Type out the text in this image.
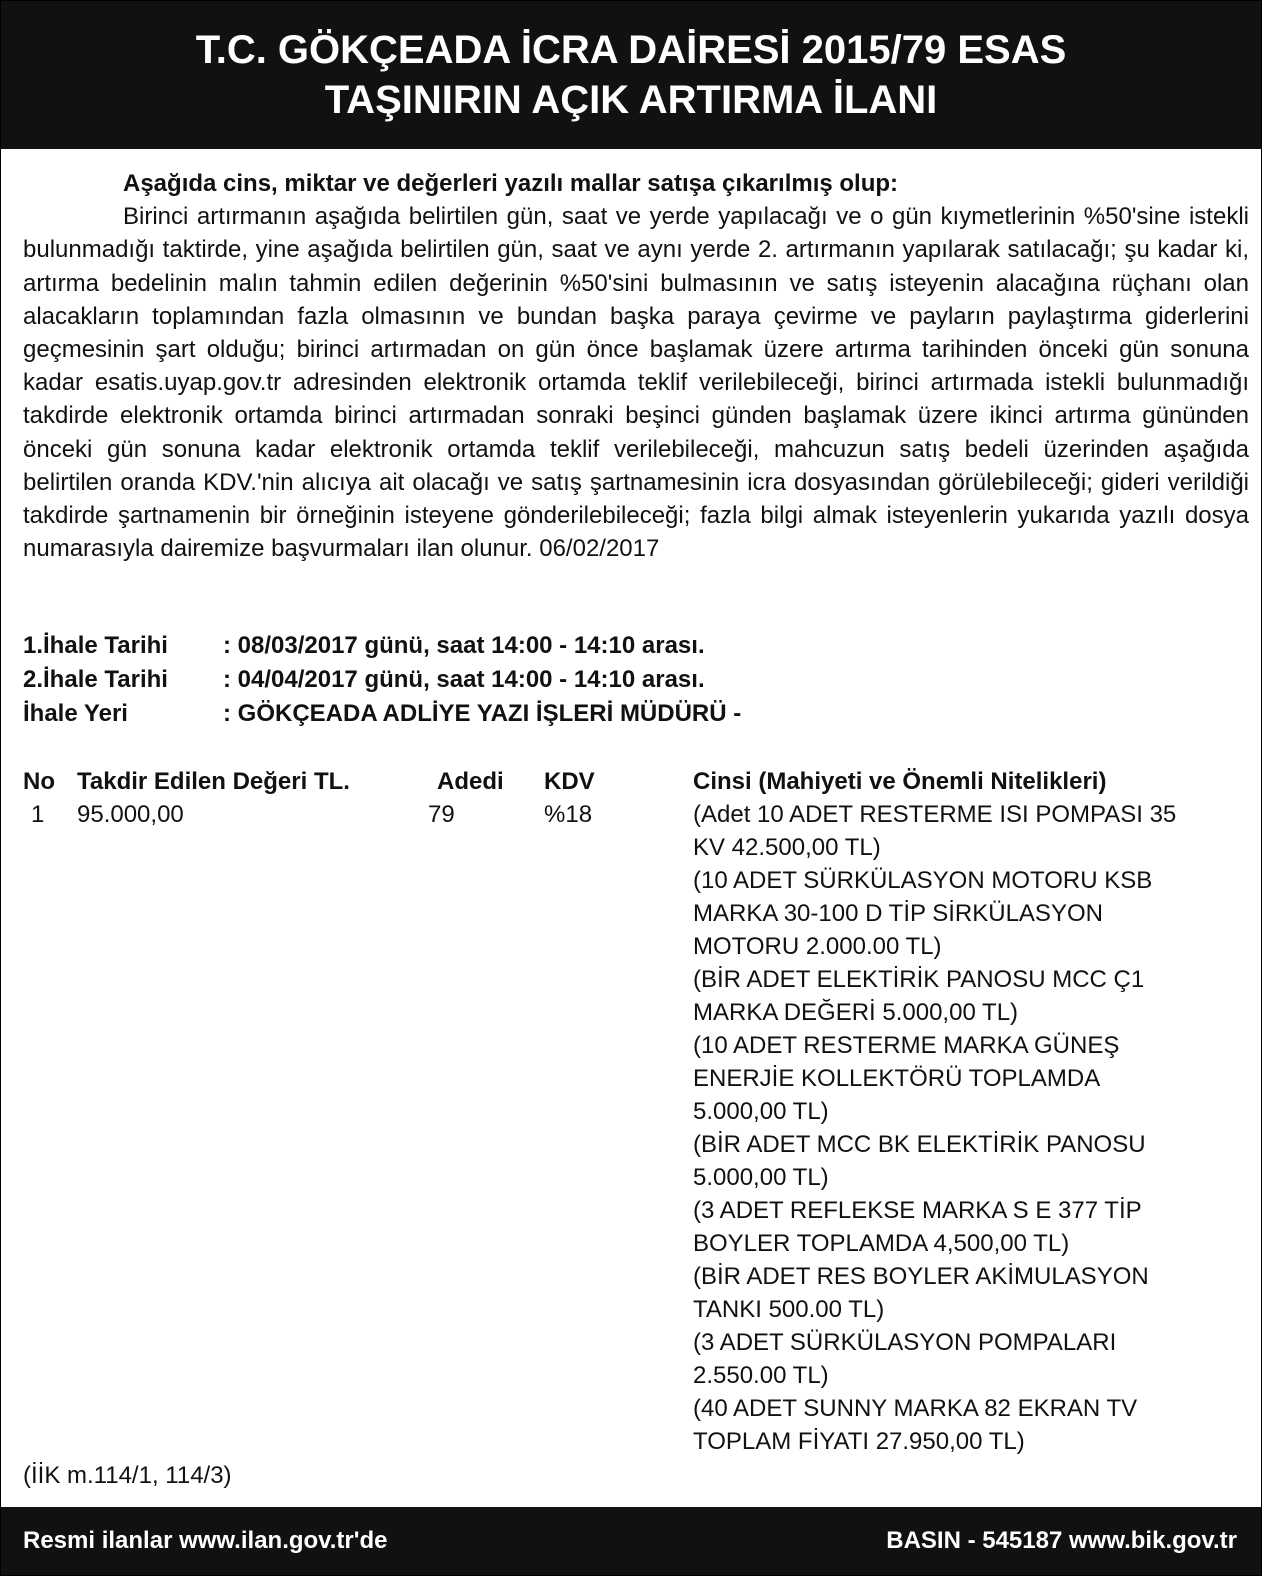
T.C. GÖKÇEADA İCRA DAİRESİ 2015/79 ESAS
TAŞINIRIN AÇIK ARTIRMA İLANI
Aşağıda cins, miktar ve değerleri yazılı mallar satışa çıkarılmış olup:
Birinci artırmanın aşağıda belirtilen gün, saat ve yerde yapılacağı ve o gün kıymetlerinin %50'sine istekli bulunmadığı taktirde, yine aşağıda belirtilen gün, saat ve aynı yerde 2. artırmanın yapılarak satılacağı; şu kadar ki, artırma bedelinin malın tahmin edilen değerinin %50'sini bulmasının ve satış isteyenin alacağına rüçhanı olan alacakların toplamından fazla olmasının ve bundan başka paraya çevirme ve payların paylaştırma giderlerini geçmesinin şart olduğu; birinci artırmadan on gün önce başlamak üzere artırma tarihinden önceki gün sonuna kadar esatis.uyap.gov.tr adresinden elektronik ortamda teklif verilebileceği, birinci artırmada istekli bulunmadığı takdirde elektronik ortamda birinci artırmadan sonraki beşinci günden başlamak üzere ikinci artırma gününden önceki gün sonuna kadar elektronik ortamda teklif verilebileceği, mahcuzun satış bedeli üzerinden aşağıda belirtilen oranda KDV.'nin alıcıya ait olacağı ve satış şartnamesinin icra dosyasından görülebileceği; gideri verildiği takdirde şartnamenin bir örneğinin isteyene gönderilebileceği; fazla bilgi almak isteyenlerin yukarıda yazılı dosya numarasıyla dairemize başvurmaları ilan olunur. 06/02/2017
1.İhale Tarihi	: 08/03/2017 günü, saat 14:00 - 14:10 arası.
2.İhale Tarihi	: 04/04/2017 günü, saat 14:00 - 14:10 arası.
İhale Yeri	: GÖKÇEADA ADLİYE YAZI İŞLERİ MÜDÜRÜ -
No Takdir Edilen Değeri TL.	Adedi KDV	Cinsi (Mahiyeti ve Önemli Nitelikleri)
1 95.000,00	79	%18	(Adet 10 ADET RESTERME ISI POMPASI 35
KV 42.500,00 TL)
(10 ADET SÜRKÜLASYON MOTORU KSB
MARKA 30-100 D TİP SİRKÜLASYON
MOTORU 2.000.00 TL)
(BİR ADET ELEKTİRİK PANOSU MCC Ç1
MARKA DEĞERİ 5.000,00 TL)
(10 ADET RESTERME MARKA GÜNEŞ
ENERJİE KOLLEKTÖRÜ TOPLAMDA
5.000,00 TL)
(BİR ADET MCC BK ELEKTİRİK PANOSU
5.000,00 TL)
(3 ADET REFLEKSE MARKA S E 377 TİP
BOYLER TOPLAMDA 4,500,00 TL)
(BİR ADET RES BOYLER AKİMULASYON
TANKI 500.00 TL)
(3 ADET SÜRKÜLASYON POMPALARI
2.550.00 TL)
(40 ADET SUNNY MARKA 82 EKRAN TV
TOPLAM FİYATI 27.950,00 TL)
(İİK m.114/1, 114/3)
Resmi ilanlar www.ilan.gov.tr'de	BASIN - 545187 www.bik.gov.tr
